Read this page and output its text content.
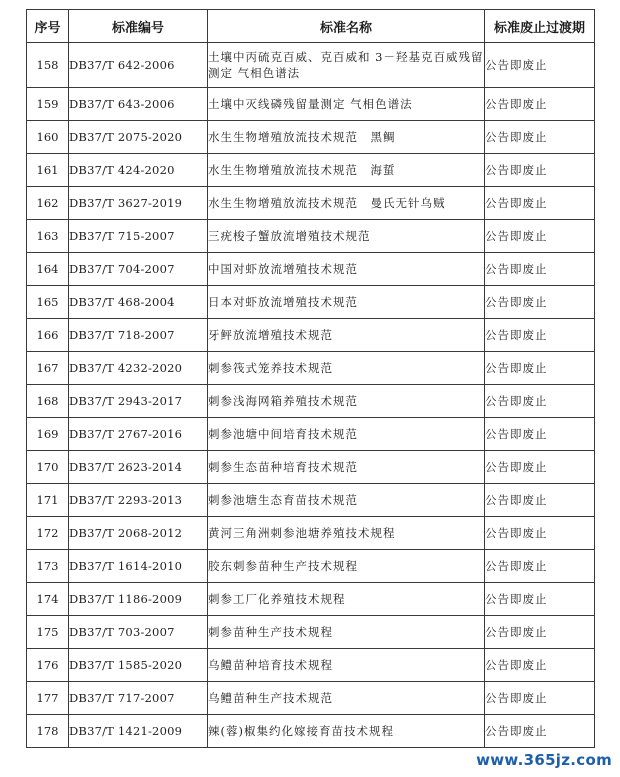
序号	标准编号	标准名称	标准废止过渡期
158	DB37/T 642-2006	土壤中丙硫克百威、克百威和 3－羟基克百威残留测定 气相色谱法	公告即废止
159	DB37/T 643-2006	土壤中灭线磷残留量测定 气相色谱法	公告即废止
160	DB37/T 2075-2020	水生生物增殖放流技术规范　黑鲷	公告即废止
161	DB37/T 424-2020	水生生物增殖放流技术规范　海蜇	公告即废止
162	DB37/T 3627-2019	水生生物增殖放流技术规范　曼氏无针乌贼	公告即废止
163	DB37/T 715-2007	三疣梭子蟹放流增殖技术规范	公告即废止
164	DB37/T 704-2007	中国对虾放流增殖技术规范	公告即废止
165	DB37/T 468-2004	日本对虾放流增殖技术规范	公告即废止
166	DB37/T 718-2007	牙鲆放流增殖技术规范	公告即废止
167	DB37/T 4232-2020	刺参筏式笼养技术规范	公告即废止
168	DB37/T 2943-2017	刺参浅海网箱养殖技术规范	公告即废止
169	DB37/T 2767-2016	刺参池塘中间培育技术规范	公告即废止
170	DB37/T 2623-2014	刺参生态苗种培育技术规范	公告即废止
171	DB37/T 2293-2013	刺参池塘生态育苗技术规范	公告即废止
172	DB37/T 2068-2012	黄河三角洲刺参池塘养殖技术规程	公告即废止
173	DB37/T 1614-2010	胶东刺参苗种生产技术规程	公告即废止
174	DB37/T 1186-2009	刺参工厂化养殖技术规程	公告即废止
175	DB37/T 703-2007	刺参苗种生产技术规程	公告即废止
176	DB37/T 1585-2020	乌鳢苗种培育技术规程	公告即废止
177	DB37/T 717-2007	乌鳢苗种生产技术规范	公告即废止
178	DB37/T 1421-2009	辣(蓉)椒集约化嫁接育苗技术规程	公告即废止
www.365jz.com
